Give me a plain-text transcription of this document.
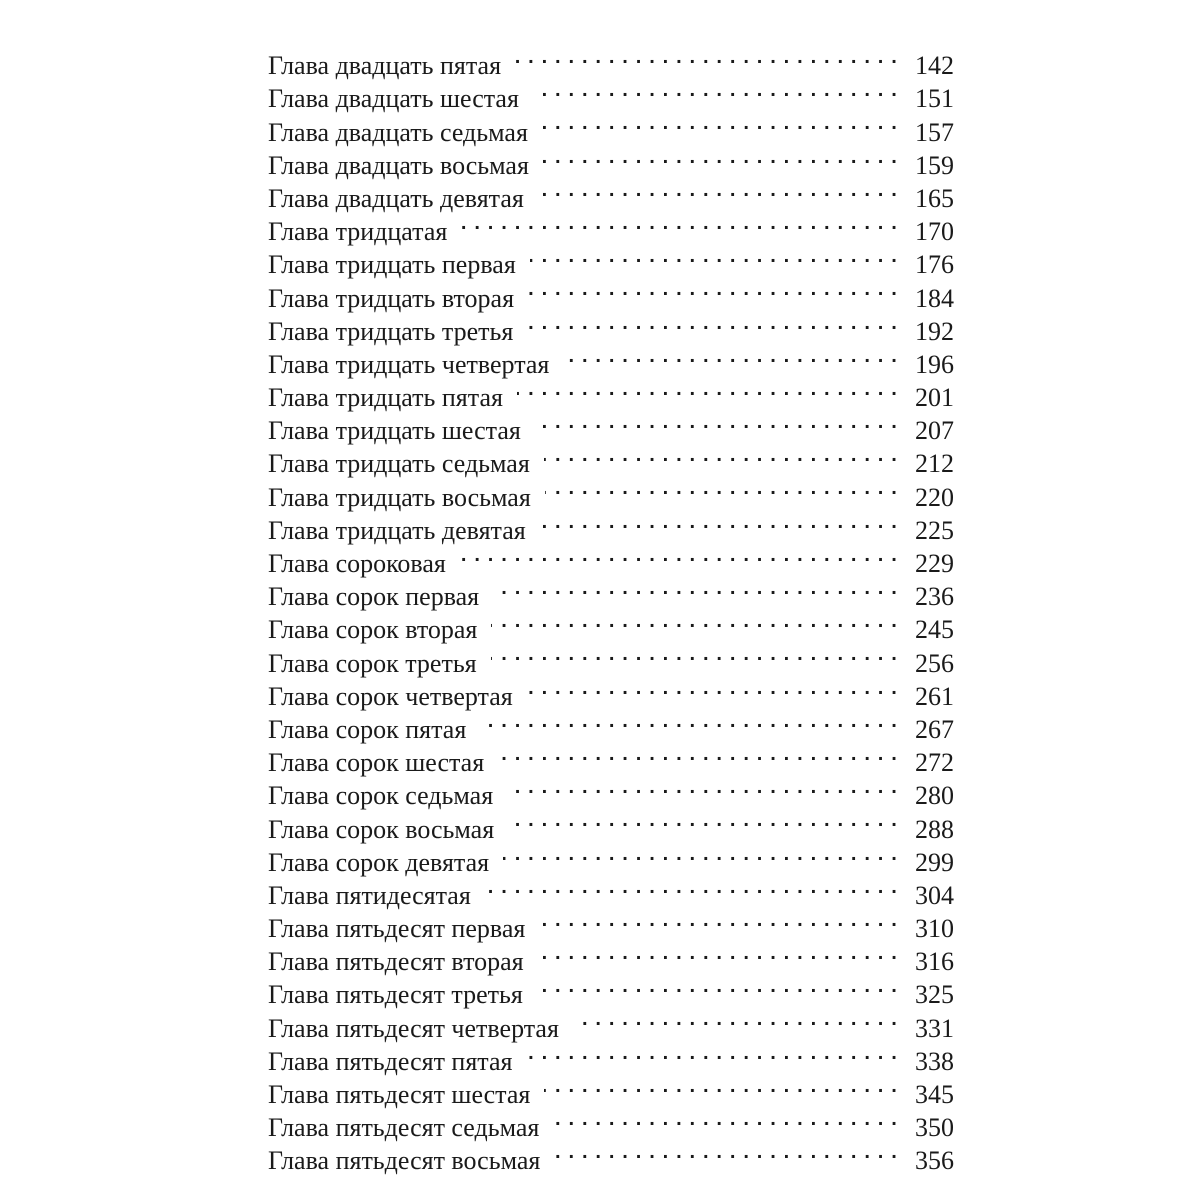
Глава двадцать пятая . . .	142
Глава двадцать шестая . . .	151
Глава двадцать седьмая . . .	157
Глава двадцать восьмая . . .	159
Глава двадцать девятая . . .	165
Глава тридцатая . . .	170
Глава тридцать первая . . .	176
Глава тридцать вторая . . .	184
Глава тридцать третья . . .	192
Глава тридцать четвертая . . .	196
Глава тридцать пятая . . .	201
Глава тридцать шестая . . .	207
Глава тридцать седьмая . . .	212
Глава тридцать восьмая . . .	220
Глава тридцать девятая . . .	225
Глава сороковая . . .	229
Глава сорок первая . . .	236
Глава сорок вторая . . .	245
Глава сорок третья . . .	256
Глава сорок четвертая . . .	261
Глава сорок пятая . . .	267
Глава сорок шестая . . .	272
Глава сорок седьмая . . .	280
Глава сорок восьмая . . .	288
Глава сорок девятая . . .	299
Глава пятидесятая . . .	304
Глава пятьдесят первая . . .	310
Глава пятьдесят вторая . . .	316
Глава пятьдесят третья . . .	325
Глава пятьдесят четвертая . . .	331
Глава пятьдесят пятая . . .	338
Глава пятьдесят шестая . . .	345
Глава пятьдесят седьмая . . .	350
Глава пятьдесят восьмая . . .	356
